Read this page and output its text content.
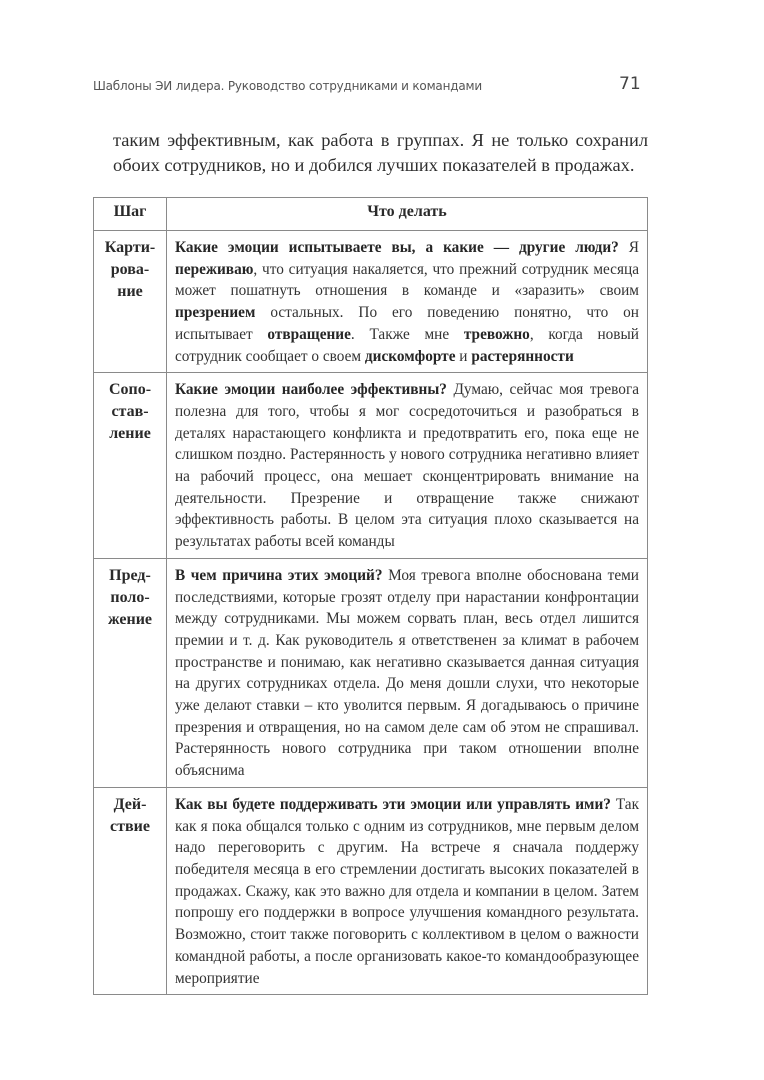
Шаблоны ЭИ лидера. Руководство сотрудниками и командами	71

таким эффективным, как работа в группах. Я не только сохранил обоих сотрудников, но и добился лучших показателей в продажах.

Шаг	Что делать

Карти-
рова-
ние
	Какие эмоции испытываете вы, а какие — другие люди? Я переживаю, что ситуация накаляется, что прежний сотрудник месяца может пошатнуть отношения в команде и «заразить» своим презрением остальных. По его поведению понятно, что он испытывает отвращение. Также мне тревожно, когда новый сотрудник сообщает о своем дискомфорте и растерянности

Сопо-
став-
ление
	Какие эмоции наиболее эффективны? Думаю, сейчас моя тревога полезна для того, чтобы я мог сосредоточиться и разобраться в деталях нарастающего конфликта и предотвратить его, пока еще не слишком поздно. Растерянность у нового сотрудника негативно влияет на рабочий процесс, она мешает сконцентрировать внимание на деятельности. Презрение и отвращение также снижают эффективность работы. В целом эта ситуация плохо сказывается на результатах работы всей команды

Пред-
поло-
жение
	В чем причина этих эмоций? Моя тревога вполне обоснована теми последствиями, которые грозят отделу при нарастании конфронтации между сотрудниками. Мы можем сорвать план, весь отдел лишится премии и т. д. Как руководитель я ответственен за климат в рабочем пространстве и понимаю, как негативно сказывается данная ситуация на других сотрудниках отдела. До меня дошли слухи, что некоторые уже делают ставки – кто уволится первым. Я догадываюсь о причине презрения и отвращения, но на самом деле сам об этом не спрашивал. Растерянность нового сотрудника при таком отношении вполне объяснима

Дей-
ствие	Как вы будете поддерживать эти эмоции или управлять ими? Так как я пока общался только с одним из сотрудников, мне первым делом надо переговорить с другим. На встрече я сначала поддержу победителя месяца в его стремлении достигать высоких показателей в продажах. Скажу, как это важно для отдела и компании в целом. Затем попрошу его поддержки в вопросе улучшения командного результата. Возможно, стоит также поговорить с коллективом в целом о важности командной работы, а после организовать какое-то командообразующее мероприятие
